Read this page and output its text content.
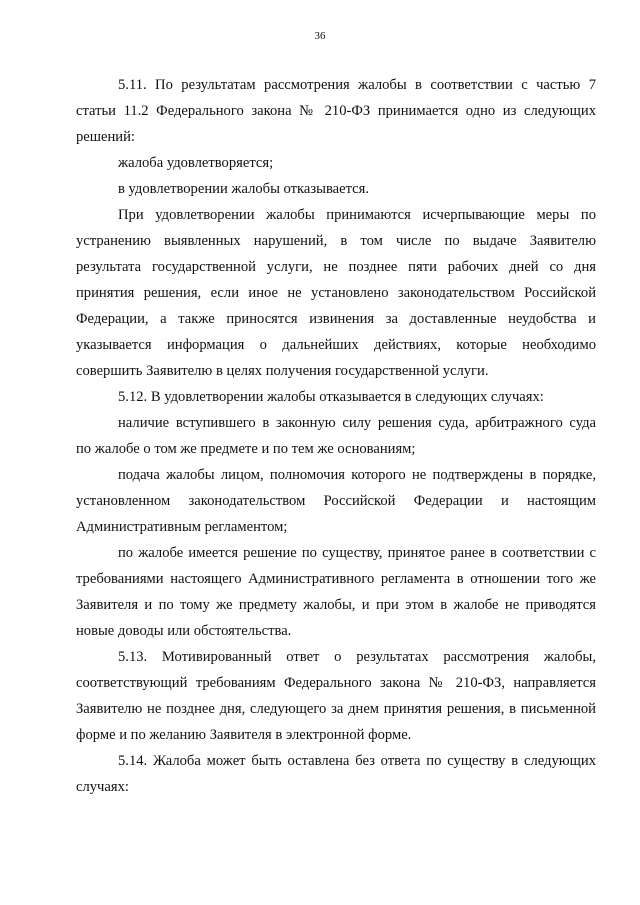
36

5.11. По результатам рассмотрения жалобы в соответствии с частью 7
статьи 11.2 Федерального закона № 210-ФЗ принимается одно из следующих
решений:

жалоба удовлетворяется;

в удовлетворении жалобы отказывается.

При удовлетворении жалобы принимаются исчерпывающие меры по
устранению выявленных нарушений, в том числе по выдаче Заявителю
результата государственной услуги, не позднее пяти рабочих дней со дня
принятия решения, если иное не установлено законодательством Российской
Федерации, а также приносятся извинения за доставленные неудобства и
указывается информация о дальнейших действиях, которые необходимо
совершить Заявителю в целях получения государственной услуги.

5.12. В удовлетворении жалобы отказывается в следующих случаях:

наличие вступившего в законную силу решения суда, арбитражного суда
по жалобе о том же предмете и по тем же основаниям;

подача жалобы лицом, полномочия которого не подтверждены в порядке,
установленном законодательством Российской Федерации и настоящим
Административным регламентом;

по жалобе имеется решение по существу, принятое ранее в соответствии с
требованиями настоящего Административного регламента в отношении того же
Заявителя и по тому же предмету жалобы, и при этом в жалобе не приводятся
новые доводы или обстоятельства.

5.13. Мотивированный ответ о результатах рассмотрения жалобы,
соответствующий требованиям Федерального закона № 210-ФЗ, направляется
Заявителю не позднее дня, следующего за днем принятия решения, в письменной
форме и по желанию Заявителя в электронной форме.

5.14. Жалоба может быть оставлена без ответа по существу в следующих
случаях:
